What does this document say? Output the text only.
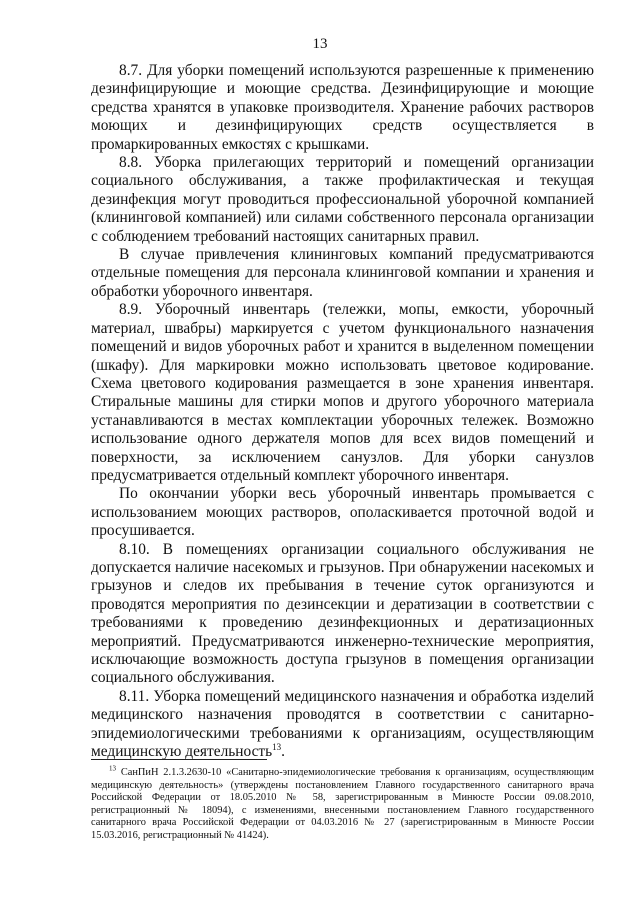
13

8.7. Для уборки помещений используются разрешенные к применению дезинфицирующие и моющие средства. Дезинфицирующие и моющие средства хранятся в упаковке производителя. Хранение рабочих растворов моющих и дезинфицирующих средств осуществляется в промаркированных емкостях с крышками.

8.8. Уборка прилегающих территорий и помещений организации социального обслуживания, а также профилактическая и текущая дезинфекция могут проводиться профессиональной уборочной компанией (клининговой компанией) или силами собственного персонала организации с соблюдением требований настоящих санитарных правил.

В случае привлечения клининговых компаний предусматриваются отдельные помещения для персонала клининговой компании и хранения и обработки уборочного инвентаря.

8.9. Уборочный инвентарь (тележки, мопы, емкости, уборочный материал, швабры) маркируется с учетом функционального назначения помещений и видов уборочных работ и хранится в выделенном помещении (шкафу). Для маркировки можно использовать цветовое кодирование. Схема цветового кодирования размещается в зоне хранения инвентаря. Стиральные машины для стирки мопов и другого уборочного материала устанавливаются в местах комплектации уборочных тележек. Возможно использование одного держателя мопов для всех видов помещений и поверхности, за исключением санузлов. Для уборки санузлов предусматривается отдельный комплект уборочного инвентаря.

По окончании уборки весь уборочный инвентарь промывается с использованием моющих растворов, ополаскивается проточной водой и просушивается.

8.10. В помещениях организации социального обслуживания не допускается наличие насекомых и грызунов. При обнаружении насекомых и грызунов и следов их пребывания в течение суток организуются и проводятся мероприятия по дезинсекции и дератизации в соответствии с требованиями к проведению дезинфекционных и дератизационных мероприятий. Предусматриваются инженерно-технические мероприятия, исключающие возможность доступа грызунов в помещения организации социального обслуживания.

8.11. Уборка помещений медицинского назначения и обработка изделий медицинского назначения проводятся в соответствии с санитарно-эпидемиологическими требованиями к организациям, осуществляющим медицинскую деятельность$^{13}$.

$^{13}$ СанПиН 2.1.3.2630-10 «Санитарно-эпидемиологические требования к организациям, осуществляющим медицинскую деятельность» (утверждены постановлением Главного государственного санитарного врача Российской Федерации от 18.05.2010 № 58, зарегистрированным в Минюсте России 09.08.2010, регистрационный № 18094), с изменениями, внесенными постановлением Главного государственного санитарного врача Российской Федерации от 04.03.2016 № 27 (зарегистрированным в Минюсте России 15.03.2016, регистрационный № 41424).
